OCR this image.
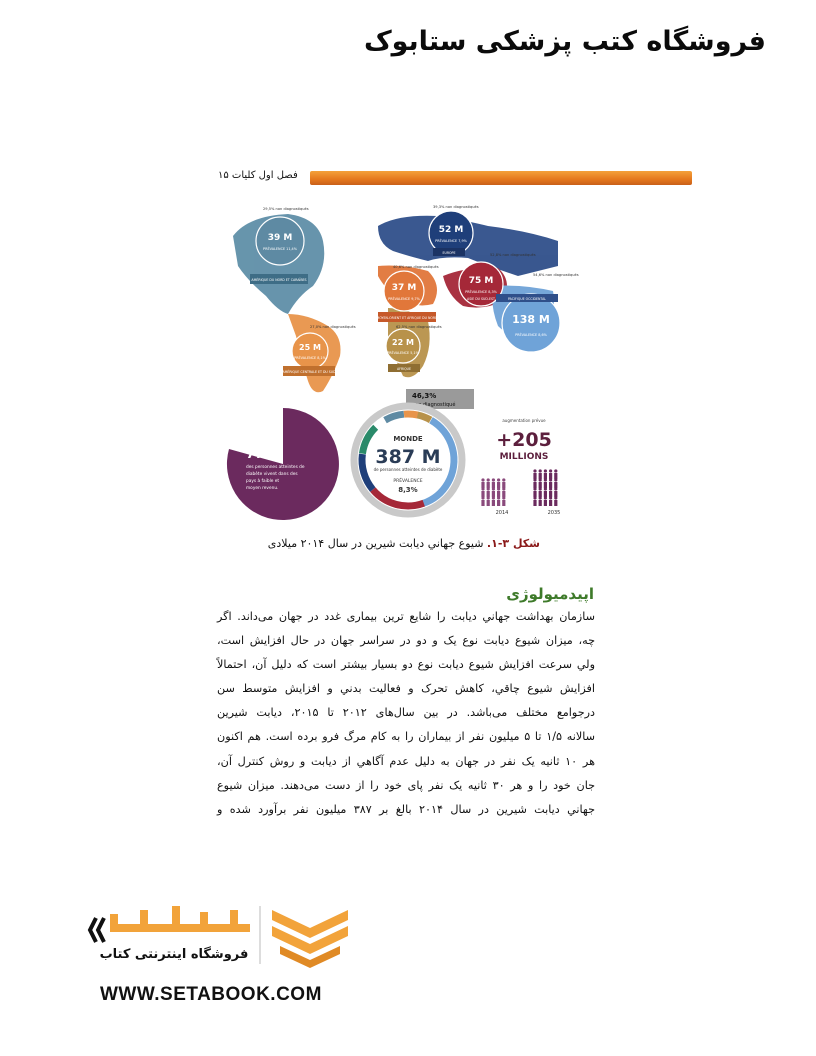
فروشگاه کتب پزشکی ستابوک
فصل اول كليات ۱۵
39 M
PRÉVALENCE 11,4%
29,5% non diagnostiqués
AMÉRIQUE DU NORD ET CARAÏBES
52 M
PRÉVALENCE 7,9%
39,3% non diagnostiqués
EUROPE
37 M
PRÉVALENCE 9,7%
40,6% non diagnostiqués
MOYEN-ORIENT ET AFRIQUE DU NORD
75 M
PRÉVALENCE 8,3%
52,8% non diagnostiqués
ASIE DU SUD-EST
138 M
PRÉVALENCE 8,6%
54,6% non diagnostiqués
PACIFIQUE OCCIDENTAL
25 M
PRÉVALENCE 8,1%
27,0% non diagnostiqués
AMÉRIQUE CENTRALE ET DU SUD
22 M
PRÉVALENCE 5,1%
62,5% non diagnostiqués
AFRIQUE
77%
des personnes atteintes de
diabète vivent dans des
pays à faible et
moyen revenu.
46,3%
non diagnostiqué
MONDE
387 M
de personnes atteintes de diabète
PRÉVALENCE
8,3%
augmentation prévue
+205
MILLIONS
2014	2035
شكل ۳-۱. شيوع جهاني ديابت شيرين در سال ۲۰۱۴ ميلادی
اپیدمیولوژی
سازمان بهداشت جهاني ديابت را شايع ترين بيماری غدد در جهان می‌داند. اگر
چه، ميزان شيوع ديابت نوع يک و دو در سراسر جهان در حال افزايش است،
ولي سرعت افزايش شيوع ديابت نوع دو بسيار بيشتر است كه دليل آن، احتمالاً
افزايش شيوع چاقي، كاهش تحرک و فعاليت بدني و افزايش متوسط سن
درجوامع مختلف می‌باشد. در بين سال‌های ۲۰۱۲ تا ۲۰۱۵، ديابت شيرين
سالانه ۱/۵ تا ۵ ميليون نفر از بيماران را به كام مرگ فرو برده است. هم اكنون
هر ۱۰ ثانيه يک نفر در جهان به دليل عدم آگاهي از ديابت و روش كنترل آن،
جان خود را و هر ۳۰ ثانيه يک نفر پای خود را از دست می‌دهند. ميزان شيوع
جهاني ديابت شيرين در سال ۲۰۱۴ بالغ بر ۳۸۷ ميليون نفر برآورد شده و
فروشگاه اینترنتی کتاب
WWW.SETABOOK.COM
